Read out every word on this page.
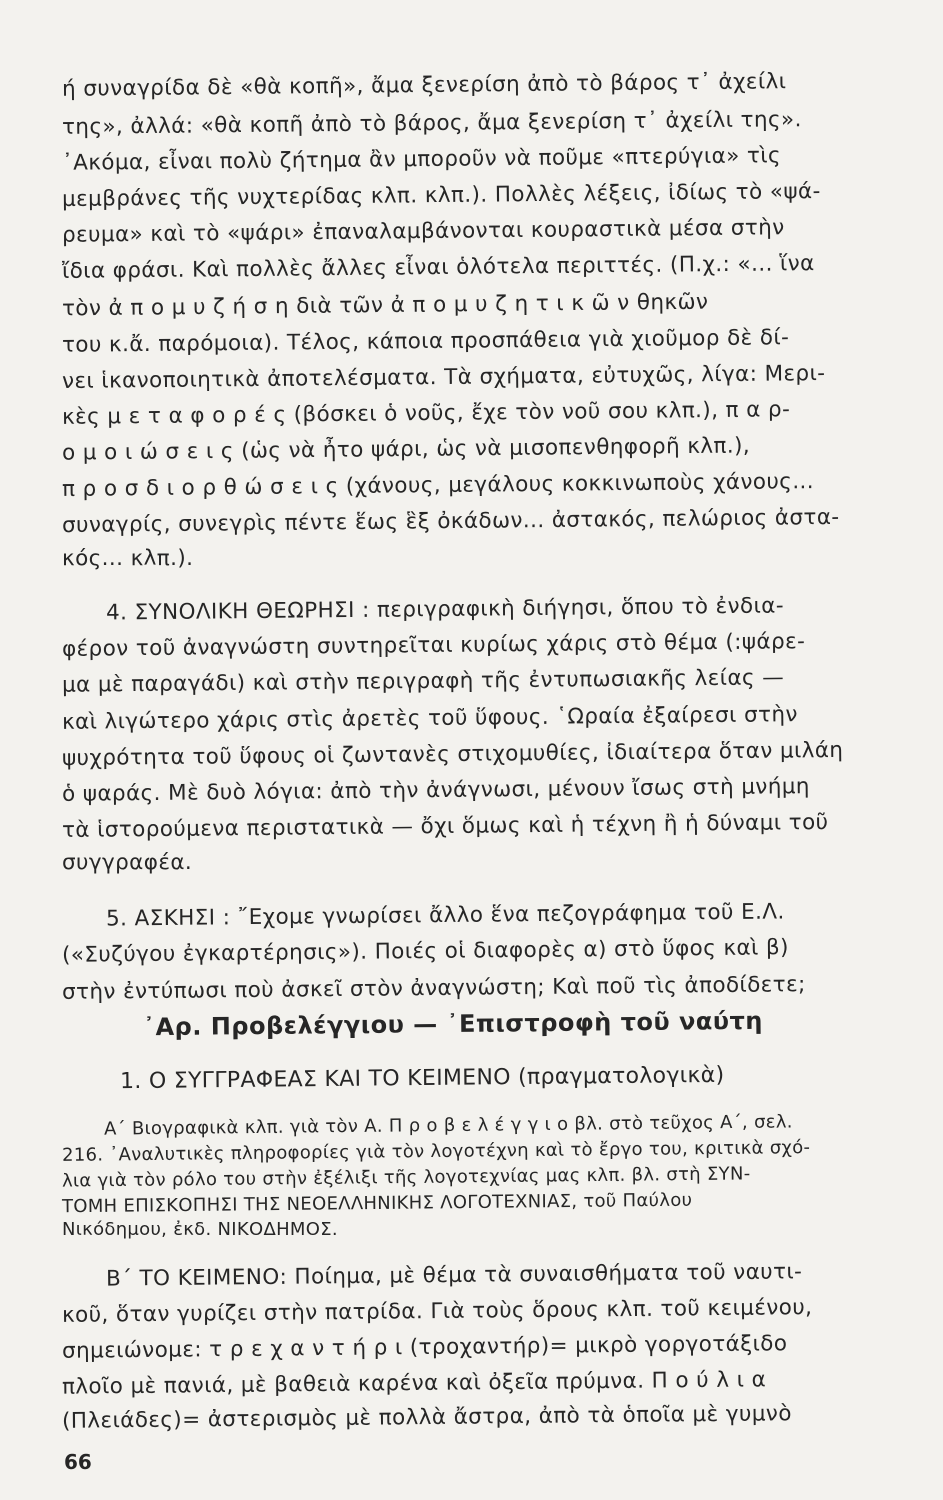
ή συναγρίδα δὲ «θὰ κοπῆ», ἄμα ξενερίση ἀπὸ τὸ βάρος τ᾿ ἀχείλι
της», ἀλλά: «θὰ κοπῆ ἀπὸ τὸ βάρος, ἄμα ξενερίση τ᾿ ἀχείλι της».
᾿Ακόμα, εἶναι πολὺ ζήτημα ἂν μποροῦν νὰ ποῦμε «πτερύγια» τὶς
μεμβράνες τῆς νυχτερίδας κλπ. κλπ.). Πολλὲς λέξεις, ἰδίως τὸ «ψά-
ρευμα» καὶ τὸ «ψάρι» ἐπαναλαμβάνονται κουραστικὰ μέσα στὴν
ἴδια φράσι. Καὶ πολλὲς ἄλλες εἶναι ὁλότελα περιττές. (Π.χ.: «... ἵνα
τὸν ἀ π ο μ υ ζ ή σ η διὰ τῶν ἀ π ο μ υ ζ η τ ι κ ῶ ν θηκῶν
του κ.ἄ. παρόμοια). Τέλος, κάποια προσπάθεια γιὰ χιοῦμορ δὲ δί-
νει ἱκανοποιητικὰ ἀποτελέσματα. Τὰ σχήματα, εὐτυχῶς, λίγα: Μερι-
κὲς μ ε τ α φ ο ρ έ ς (βόσκει ὁ νοῦς, ἔχε τὸν νοῦ σου κλπ.), π α ρ-
ο μ ο ι ώ σ ε ι ς (ὡς νὰ ἦτο ψάρι, ὡς νὰ μισοπενθηφορῆ κλπ.),
π ρ ο σ δ ι ο ρ θ ώ σ ε ι ς (χάνους, μεγάλους κοκκινωποὺς χάνους...
συναγρίς, συνεγρὶς πέντε ἕως ἓξ ὀκάδων... ἀστακός, πελώριος ἀστα-
κός... κλπ.).
4. ΣΥΝΟΛΙΚΗ ΘΕΩΡΗΣΙ : περιγραφικὴ διήγησι, ὅπου τὸ ἐνδια-
φέρον τοῦ ἀναγνώστη συντηρεῖται κυρίως χάρις στὸ θέμα (:ψάρε-
μα μὲ παραγάδι) καὶ στὴν περιγραφὴ τῆς ἐντυπωσιακῆς λείας —
καὶ λιγώτερο χάρις στὶς ἀρετὲς τοῦ ὕφους. ῾Ωραία ἐξαίρεσι στὴν
ψυχρότητα τοῦ ὕφους οἱ ζωντανὲς στιχομυθίες, ἰδιαίτερα ὅταν μιλάη
ὁ ψαράς. Μὲ δυὸ λόγια: ἀπὸ τὴν ἀνάγνωσι, μένουν ἴσως στὴ μνήμη
τὰ ἱστορούμενα περιστατικὰ — ὄχι ὅμως καὶ ἡ τέχνη ἢ ἡ δύναμι τοῦ
συγγραφέα.
5. ΑΣΚΗΣΙ : ῎Εχομε γνωρίσει ἄλλο ἕνα πεζογράφημα τοῦ Ε.Λ.
(«Συζύγου ἐγκαρτέρησις»). Ποιές οἱ διαφορὲς α) στὸ ὕφος καὶ β)
στὴν ἐντύπωσι ποὺ ἀσκεῖ στὸν ἀναγνώστη; Καὶ ποῦ τὶς ἀποδίδετε;
᾿Αρ. Προβελέγγιου — ᾿Επιστροφὴ τοῦ ναύτη
1. Ο ΣΥΓΓΡΑΦΕΑΣ ΚΑΙ ΤΟ ΚΕΙΜΕΝΟ (πραγματολογικὰ)
Α΄ Βιογραφικὰ κλπ. γιὰ τὸν Α. Π ρ ο β ε λ έ γ γ ι ο βλ. στὸ τεῦχος Α΄, σελ.
216. ᾿Αναλυτικὲς πληροφορίες γιὰ τὸν λογοτέχνη καὶ τὸ ἔργο του, κριτικὰ σχό-
λια γιὰ τὸν ρόλο του στὴν ἐξέλιξι τῆς λογοτεχνίας μας κλπ. βλ. στὴ ΣΥΝ-
ΤΟΜΗ ΕΠΙΣΚΟΠΗΣΙ ΤΗΣ ΝΕΟΕΛΛΗΝΙΚΗΣ ΛΟΓΟΤΕΧΝΙΑΣ, τοῦ Παύλου
Νικόδημου, ἐκδ. ΝΙΚΟΔΗΜΟΣ.
Β΄ ΤΟ ΚΕΙΜΕΝΟ: Ποίημα, μὲ θέμα τὰ συναισθήματα τοῦ ναυτι-
κοῦ, ὅταν γυρίζει στὴν πατρίδα. Γιὰ τοὺς ὅρους κλπ. τοῦ κειμένου,
σημειώνομε: τ ρ ε χ α ν τ ή ρ ι (τροχαντήρ)= μικρὸ γοργοτάξιδο
πλοῖο μὲ πανιά, μὲ βαθειὰ καρένα καὶ ὀξεῖα πρύμνα. Π ο ύ λ ι α
(Πλειάδες)= ἀστερισμὸς μὲ πολλὰ ἄστρα, ἀπὸ τὰ ὁποῖα μὲ γυμνὸ
66
